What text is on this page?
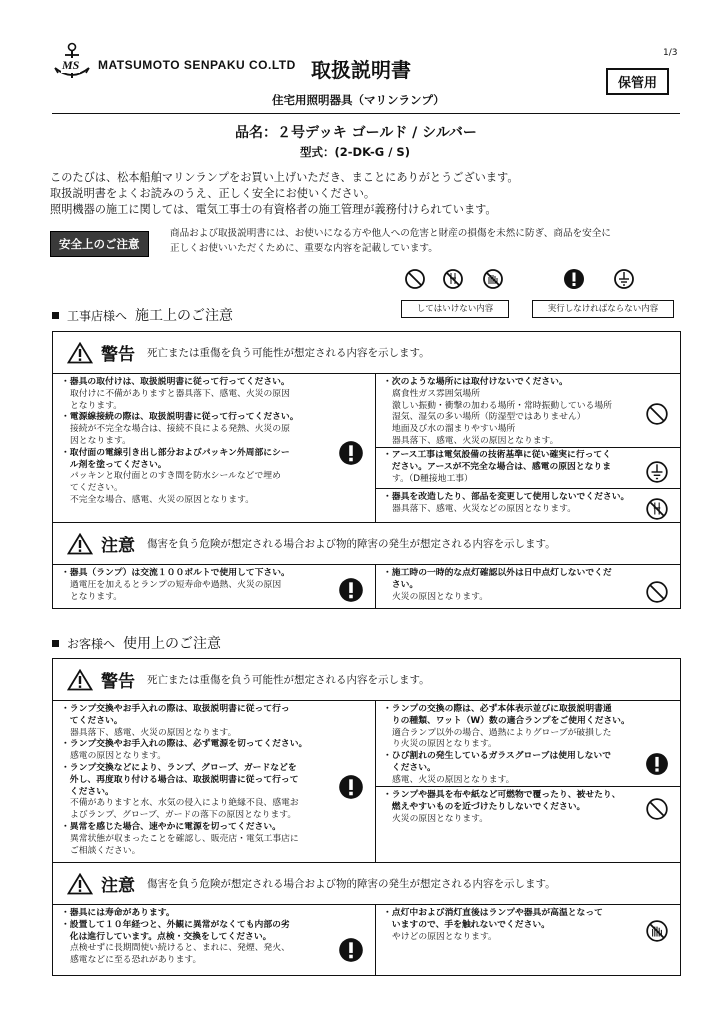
MS MATSUMOTO SENPAKU CO.LTD 取扱説明書
1/3
保管用
住宅用照明器具（マリンランプ）
品名：２号デッキ ゴールド / シルバー
型式：(2-DK-G / S)
このたびは、松本船舶マリンランプをお買い上げいただき、まことにありがとうございます。
取扱説明書をよくお読みのうえ、正しく安全にお使いください。
照明機器の施工に関しては、電気工事士の有資格者の施工管理が義務付けられています。
安全上のご注意
商品および取扱説明書には、お使いになる方や他人への危害と財産の損傷を未然に防ぎ、商品を安全に
正しくお使いいただくために、重要な内容を記載しています。
してはいけない内容	実行しなければならない内容
工事店様へ 施工上のご注意
警告 死亡または重傷を負う可能性が想定される内容を示します。
・器具の取付けは、取扱説明書に従って行ってください。
取付けに不備がありますと器具落下、感電、火災の原因
となります。
・電源線接続の際は、取扱説明書に従って行ってください。
接続が不完全な場合は、接続不良による発熱、火災の原
因となります。
・取付面の電線引き出し部分およびパッキン外周部にシー
　ル剤を塗ってください。
パッキンと取付面とのすき間を防水シールなどで埋め
てください。
不完全な場合、感電、火災の原因となります。
・次のような場所には取付けないでください。
腐食性ガス雰囲気場所
激しい振動・衝撃の加わる場所・常時振動している場所
湿気、湿気の多い場所（防湿型ではありません）
地面及び水の溜まりやすい場所
器具落下、感電、火災の原因となります。
・アース工事は電気設備の技術基準に従い確実に行ってく
　ださい。アースが不完全な場合は、感電の原因となりま
す。（D種接地工事）
・器具を改造したり、部品を変更して使用しないでください。
器具落下、感電、火災などの原因となります。
注意 傷害を負う危険が想定される場合および物的障害の発生が想定される内容を示します。
・器具（ランプ）は交流１００ボルトで使用して下さい。
過電圧を加えるとランプの短寿命や過熱、火災の原因
となります。
・施工時の一時的な点灯確認以外は日中点灯しないでくだ
　さい。
火災の原因となります。
お客様へ 使用上のご注意
警告 死亡または重傷を負う可能性が想定される内容を示します。
・ランプ交換やお手入れの際は、取扱説明書に従って行っ
　てください。
器具落下、感電、火災の原因となります。
・ランプ交換やお手入れの際は、必ず電源を切ってください。
感電の原因となります。
・ランプ交換などにより、ランプ、グローブ、ガードなどを
　外し、再度取り付ける場合は、取扱説明書に従って行って
　ください。
不備がありますと水、水気の侵入により絶縁不良、感電お
よびランプ、グローブ、ガードの落下の原因となります。
・異常を感じた場合、速やかに電源を切ってください。
異常状態が収まったことを確認し、販売店・電気工事店に
ご相談ください。
・ランプの交換の際は、必ず本体表示並びに取扱説明書通
　りの種類、ワット（W）数の適合ランプをご使用ください。
適合ランプ以外の場合、過熱によりグローブが破損した
り火災の原因となります。
・ひび割れの発生しているガラスグローブは使用しないで
　ください。
感電、火災の原因となります。
・ランプや器具を布や紙など可燃物で覆ったり、被せたり、
　燃えやすいものを近づけたりしないでください。
火災の原因となります。
注意 傷害を負う危険が想定される場合および物的障害の発生が想定される内容を示します。
・器具には寿命があります。
・設置して１０年経つと、外観に異常がなくても内部の劣
　化は進行しています。点検・交換をしてください。
点検せずに長期間使い続けると、まれに、発煙、発火、
感電などに至る恐れがあります。
・点灯中および消灯直後はランプや器具が高温となって
　いますので、手を触れないでください。
やけどの原因となります。
